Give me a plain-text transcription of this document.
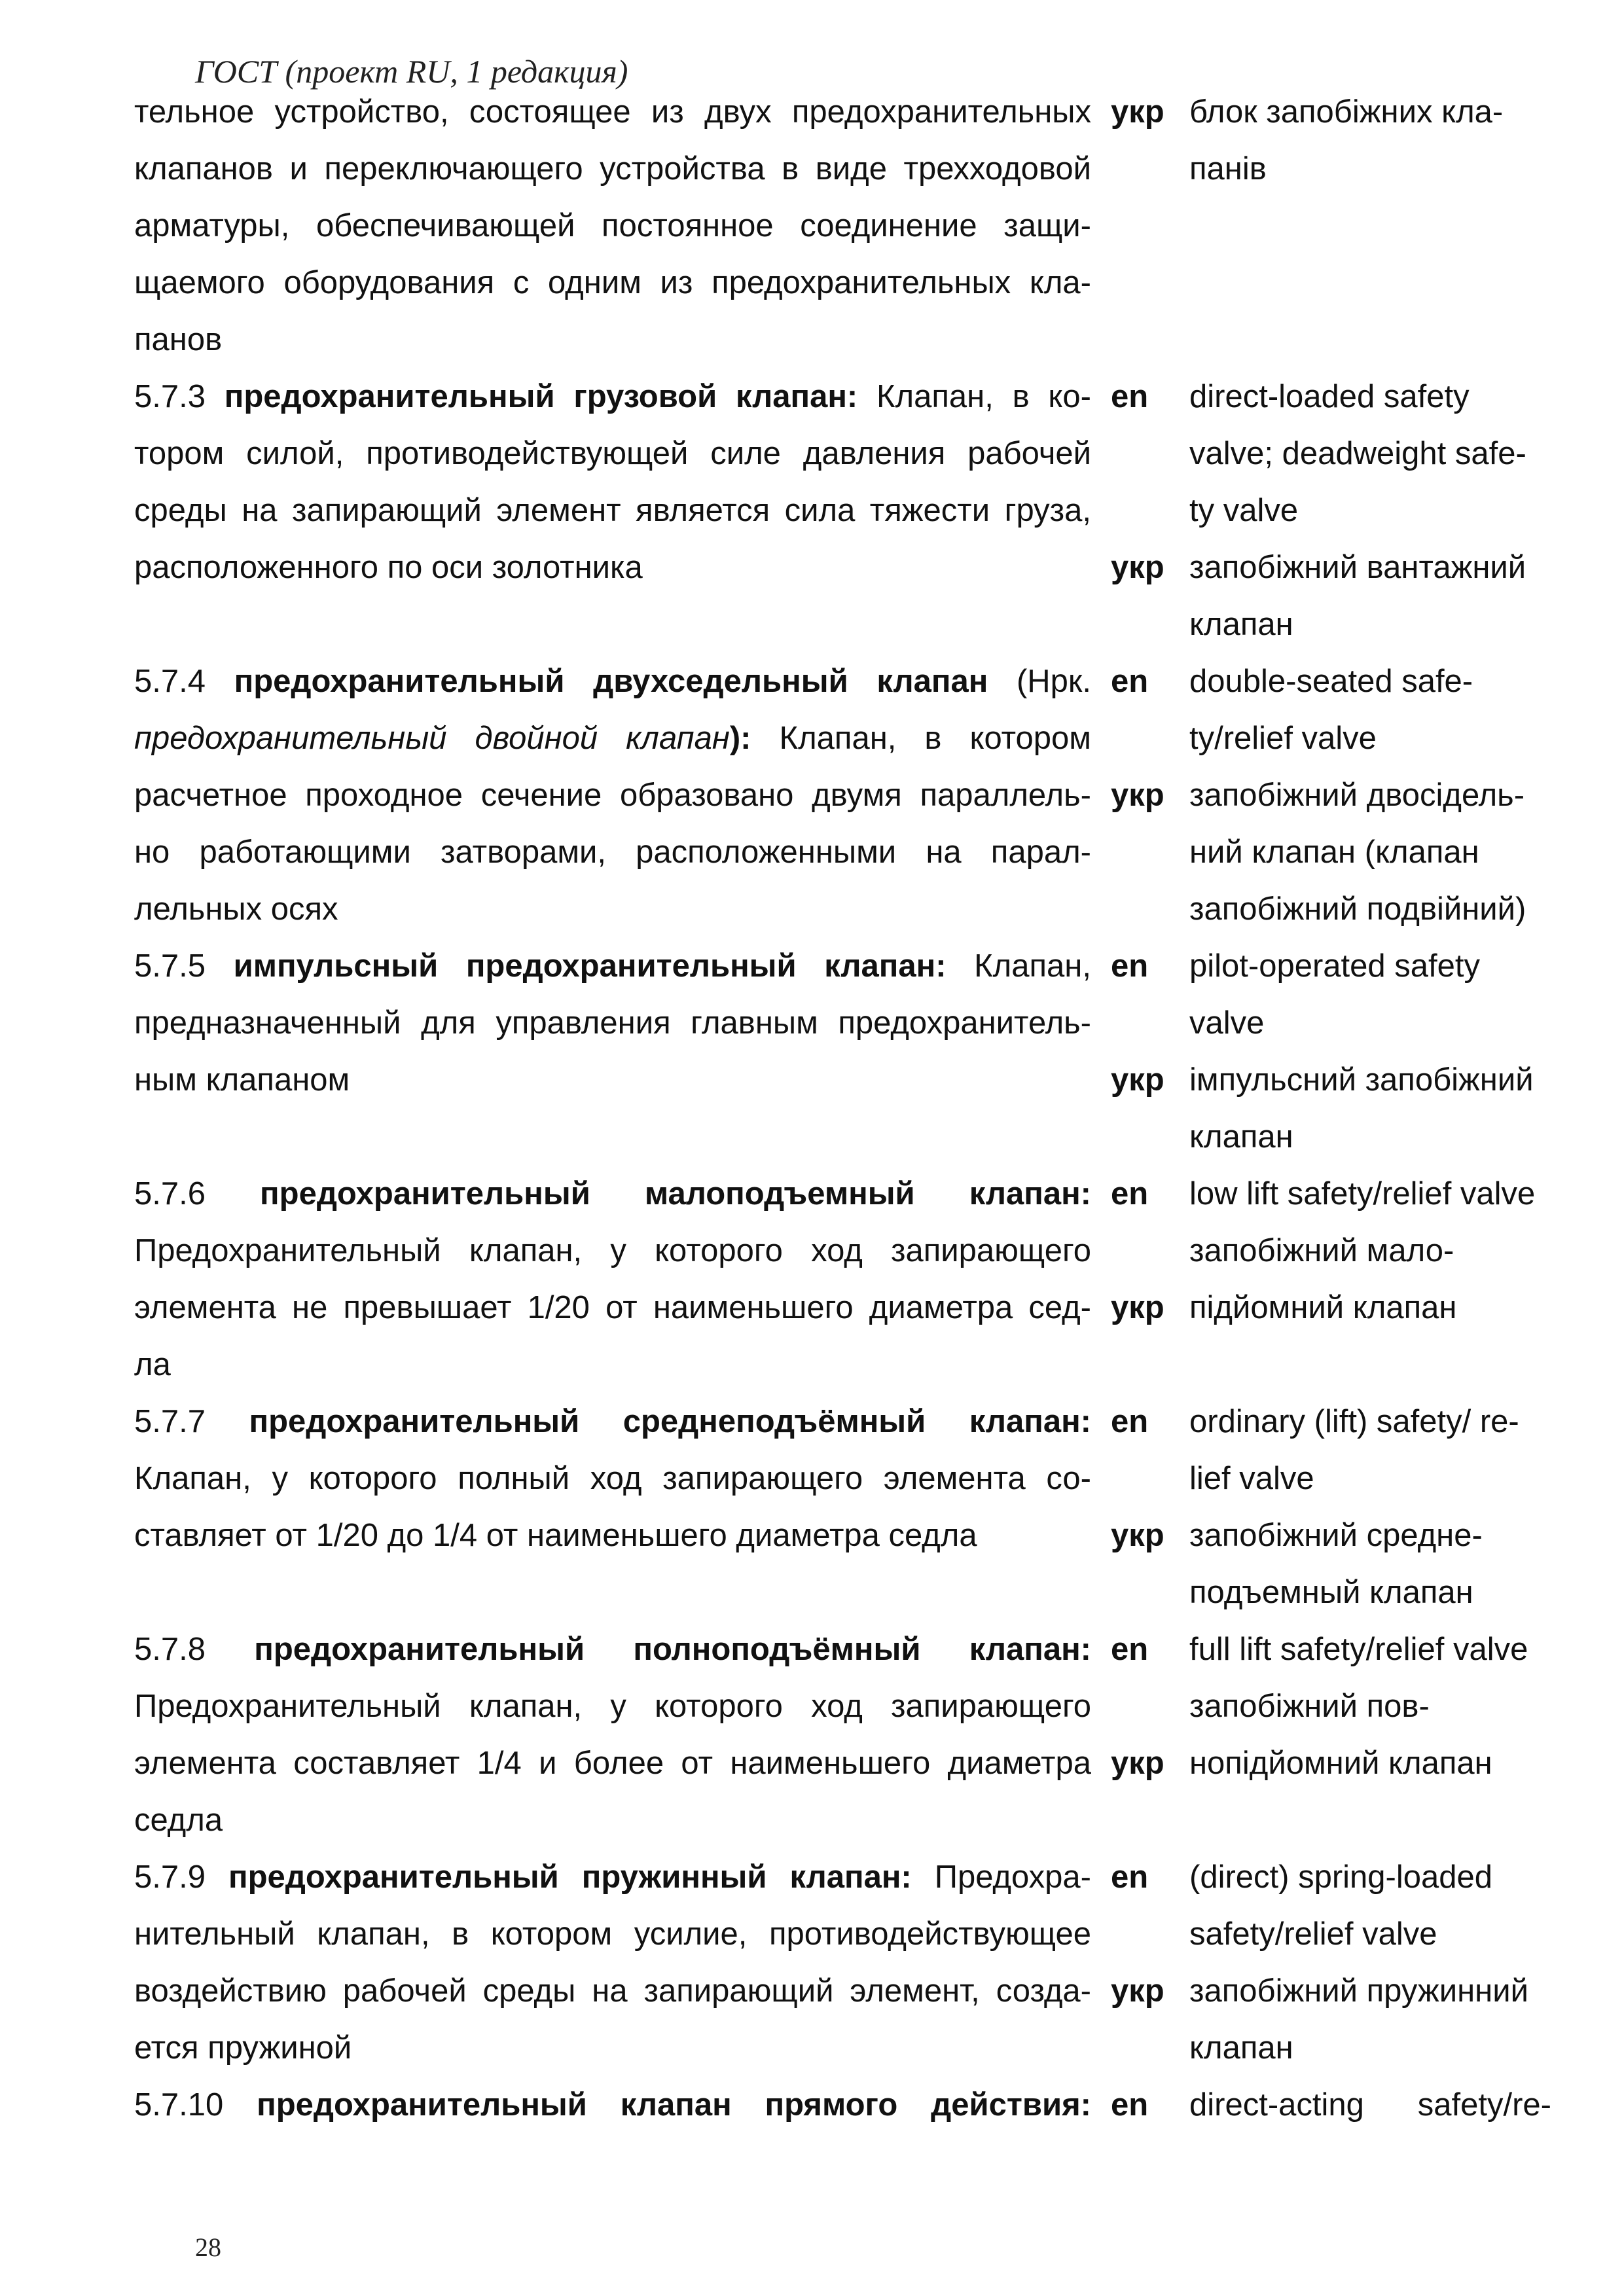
ГОСТ (проект RU, 1 редакция)
тельное устройство, состоящее из двух предохранительных укр блок запобіжних кла-
клапанов и переключающего устройства в виде трехходовой	панів
арматуры, обеспечивающей постоянное соединение защи-
щаемого оборудования с одним из предохранительных кла-
панов
5.7.3 предохранительный грузовой клапан: Клапан, в ко- en direct-loaded safety
тором силой, противодействующей силе давления рабочей	valve; deadweight safe-
среды на запирающий элемент является сила тяжести груза,	ty valve
расположенного по оси золотника	укр запобіжний вантажний
клапан
5.7.4 предохранительный двухседельный клапан (Нрк. en double-seated safe-
предохранительный двойной клапан): Клапан, в котором	ty/relief valve
расчетное проходное сечение образовано двумя параллель- укр запобіжний двосідель-
но работающими затворами, расположенными на парал-	ний клапан (клапан
лельных осях	запобіжний подвійний)
5.7.5 импульсный предохранительный клапан: Клапан, en pilot-operated safety
предназначенный для управления главным предохранитель-	valve
ным клапаном	укр імпульсний запобіжний
клапан
5.7.6 предохранительный малоподъемный клапан: en low lift safety/relief valve
Предохранительный клапан, у которого ход запирающего	запобіжний мало-
элемента не превышает 1/20 от наименьшего диаметра сед- укр підйомний клапан
ла
5.7.7 предохранительный среднеподъёмный клапан: en ordinary (lift) safety/ re-
Клапан, у которого полный ход запирающего элемента со-	lief valve
ставляет от 1/20 до 1/4 от наименьшего диаметра седла	укр запобіжний средне-
подъемный клапан
5.7.8 предохранительный полноподъёмный клапан: en full lift safety/relief valve
Предохранительный клапан, у которого ход запирающего	запобіжний пов-
элемента составляет 1/4 и более от наименьшего диаметра укр нопідйомний клапан
седла
5.7.9 предохранительный пружинный клапан: Предохра- en (direct) spring-loaded
нительный клапан, в котором усилие, противодействующее	safety/relief valve
воздействию рабочей среды на запирающий элемент, созда- укр запобіжний пружинний
ется пружиной	клапан
5.7.10 предохранительный клапан прямого действия: en direct-acting safety/re-
28
